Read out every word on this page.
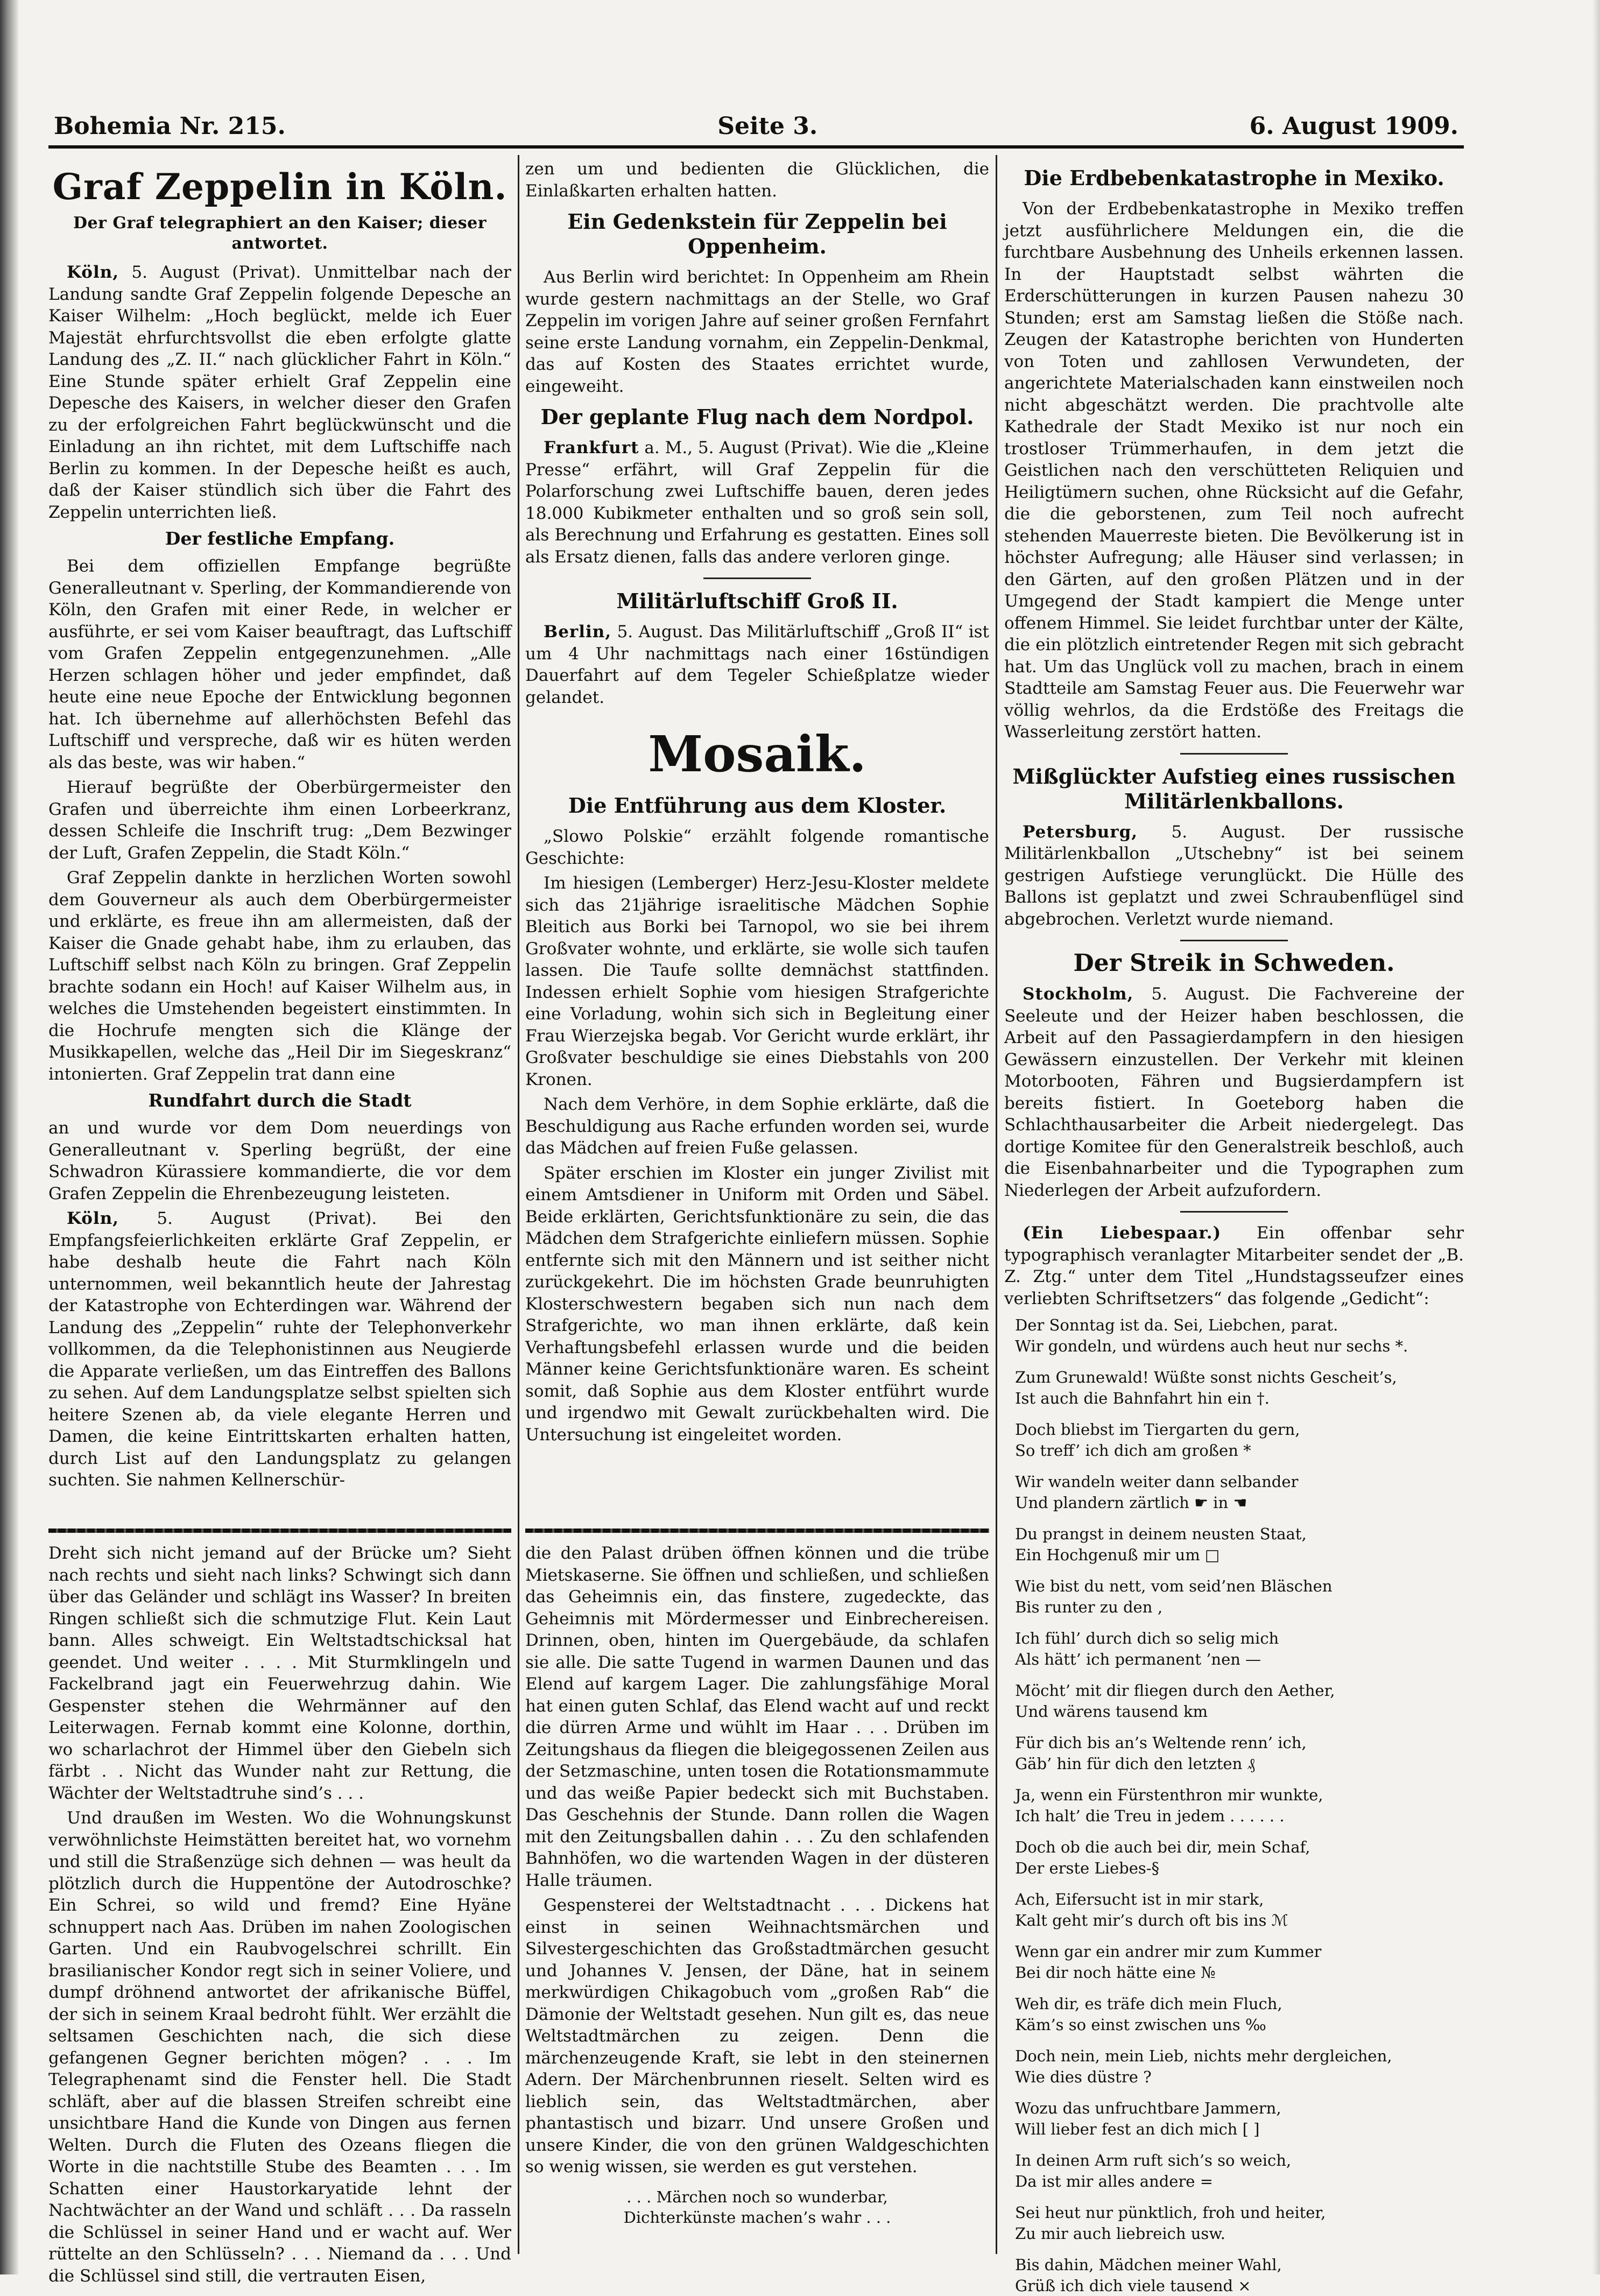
Bohemia Nr. 215.	Seite 3.	6. August 1909.
Graf Zeppelin in Köln.
Der Graf telegraphiert an den Kaiser; dieser antwortet.

Köln, 5. August (Privat). Unmittelbar nach der Landung sandte Graf Zeppelin folgende Depesche an Kaiser Wilhelm: „Hoch beglückt, melde ich Euer Majestät ehrfurchtsvollst die eben erfolgte glatte Landung des „Z. II.“ nach glücklicher Fahrt in Köln.“ Eine Stunde später erhielt Graf Zeppelin eine Depesche des Kaisers, in welcher dieser den Grafen zu der erfolgreichen Fahrt beglückwünscht und die Einladung an ihn richtet, mit dem Luftschiffe nach Berlin zu kommen. In der Depesche heißt es auch, daß der Kaiser stündlich sich über die Fahrt des Zeppelin unterrichten ließ.

Der festliche Empfang.

Bei dem offiziellen Empfange begrüßte Generalleutnant v. Sperling, der Kommandierende von Köln, den Grafen mit einer Rede, in welcher er ausführte, er sei vom Kaiser beauftragt, das Luftschiff vom Grafen Zeppelin entgegenzunehmen. „Alle Herzen schlagen höher und jeder empfindet, daß heute eine neue Epoche der Entwicklung begonnen hat. Ich übernehme auf allerhöchsten Befehl das Luftschiff und verspreche, daß wir es hüten werden als das beste, was wir haben.“

Hierauf begrüßte der Oberbürgermeister den Grafen und überreichte ihm einen Lorbeerkranz, dessen Schleife die Inschrift trug: „Dem Bezwinger der Luft, Grafen Zeppelin, die Stadt Köln.“

Graf Zeppelin dankte in herzlichen Worten sowohl dem Gouverneur als auch dem Oberbürgermeister und erklärte, es freue ihn am allermeisten, daß der Kaiser die Gnade gehabt habe, ihm zu erlauben, das Luftschiff selbst nach Köln zu bringen. Graf Zeppelin brachte sodann ein Hoch! auf Kaiser Wilhelm aus, in welches die Umstehenden begeistert einstimmten. In die Hochrufe mengten sich die Klänge der Musikkapellen, welche das „Heil Dir im Siegeskranz“ intonierten. Graf Zeppelin trat dann eine

Rundfahrt durch die Stadt

an und wurde vor dem Dom neuerdings von Generalleutnant v. Sperling begrüßt, der eine Schwadron Kürassiere kommandierte, die vor dem Grafen Zeppelin die Ehrenbezeugung leisteten.

Köln, 5. August (Privat). Bei den Empfangsfeierlichkeiten erklärte Graf Zeppelin, er habe deshalb heute die Fahrt nach Köln unternommen, weil bekanntlich heute der Jahrestag der Katastrophe von Echterdingen war. Während der Landung des „Zeppelin“ ruhte der Telephonverkehr vollkommen, da die Telephonistinnen aus Neugierde die Apparate verließen, um das Eintreffen des Ballons zu sehen. Auf dem Landungsplatze selbst spielten sich heitere Szenen ab, da viele elegante Herren und Damen, die keine Eintrittskarten erhalten hatten, durch List auf den Landungsplatz zu gelangen suchten. Sie nahmen Kellnerschür-

zen um und bedienten die Glücklichen, die Einlaßkarten erhalten hatten.

Ein Gedenkstein für Zeppelin bei Oppenheim.

Aus Berlin wird berichtet: In Oppenheim am Rhein wurde gestern nachmittags an der Stelle, wo Graf Zeppelin im vorigen Jahre auf seiner großen Fernfahrt seine erste Landung vornahm, ein Zeppelin-Denkmal, das auf Kosten des Staates errichtet wurde, eingeweiht.

Der geplante Flug nach dem Nordpol.

Frankfurt a. M., 5. August (Privat). Wie die „Kleine Presse“ erfährt, will Graf Zeppelin für die Polarforschung zwei Luftschiffe bauen, deren jedes 18.000 Kubikmeter enthalten und so groß sein soll, als Berechnung und Erfahrung es gestatten. Eines soll als Ersatz dienen, falls das andere verloren ginge.

Militärluftschiff Groß II.

Berlin, 5. August. Das Militärluftschiff „Groß II“ ist um 4 Uhr nachmittags nach einer 16stündigen Dauerfahrt auf dem Tegeler Schießplatze wieder gelandet.

Mosaik.
Die Entführung aus dem Kloster.

„Slowo Polskie“ erzählt folgende romantische Geschichte:

Im hiesigen (Lemberger) Herz-Jesu-Kloster meldete sich das 21jährige israelitische Mädchen Sophie Bleitich aus Borki bei Tarnopol, wo sie bei ihrem Großvater wohnte, und erklärte, sie wolle sich taufen lassen. Die Taufe sollte demnächst stattfinden. Indessen erhielt Sophie vom hiesigen Strafgerichte eine Vorladung, wohin sich sich in Begleitung einer Frau Wierzejska begab. Vor Gericht wurde erklärt, ihr Großvater beschuldige sie eines Diebstahls von 200 Kronen.

Nach dem Verhöre, in dem Sophie erklärte, daß die Beschuldigung aus Rache erfunden worden sei, wurde das Mädchen auf freien Fuße gelassen.

Später erschien im Kloster ein junger Zivilist mit einem Amtsdiener in Uniform mit Orden und Säbel. Beide erklärten, Gerichtsfunktionäre zu sein, die das Mädchen dem Strafgerichte einliefern müssen. Sophie entfernte sich mit den Männern und ist seither nicht zurückgekehrt. Die im höchsten Grade beunruhigten Klosterschwestern begaben sich nun nach dem Strafgerichte, wo man ihnen erklärte, daß kein Verhaftungsbefehl erlassen wurde und die beiden Männer keine Gerichtsfunktionäre waren. Es scheint somit, daß Sophie aus dem Kloster entführt wurde und irgendwo mit Gewalt zurückbehalten wird. Die Untersuchung ist eingeleitet worden.

Dreht sich nicht jemand auf der Brücke um? Sieht nach rechts und sieht nach links? Schwingt sich dann über das Geländer und schlägt ins Wasser? In breiten Ringen schließt sich die schmutzige Flut. Kein Laut bann. Alles schweigt. Ein Weltstadtschicksal hat geendet. Und weiter . . . . Mit Sturmklingeln und Fackelbrand jagt ein Feuerwehrzug dahin. Wie Gespenster stehen die Wehrmänner auf den Leiterwagen. Fernab kommt eine Kolonne, dorthin, wo scharlachrot der Himmel über den Giebeln sich färbt . . Nicht das Wunder naht zur Rettung, die Wächter der Weltstadtruhe sind’s . . .

Und draußen im Westen. Wo die Wohnungskunst verwöhnlichste Heimstätten bereitet hat, wo vornehm und still die Straßenzüge sich dehnen — was heult da plötzlich durch die Huppentöne der Autodroschke? Ein Schrei, so wild und fremd? Eine Hyäne schnuppert nach Aas. Drüben im nahen Zoologischen Garten. Und ein Raubvogelschrei schrillt. Ein brasilianischer Kondor regt sich in seiner Voliere, und dumpf dröhnend antwortet der afrikanische Büffel, der sich in seinem Kraal bedroht fühlt. Wer erzählt die seltsamen Geschichten nach, die sich diese gefangenen Gegner berichten mögen? . . . Im Telegraphenamt sind die Fenster hell. Die Stadt schläft, aber auf die blassen Streifen schreibt eine unsichtbare Hand die Kunde von Dingen aus fernen Welten. Durch die Fluten des Ozeans fliegen die Worte in die nachtstille Stube des Beamten . . . Im Schatten einer Haustorkaryatide lehnt der Nachtwächter an der Wand und schläft . . . Da rasseln die Schlüssel in seiner Hand und er wacht auf. Wer rüttelte an den Schlüsseln? . . . Niemand da . . . Und die Schlüssel sind still, die vertrauten Eisen,

die den Palast drüben öffnen können und die trübe Mietskaserne. Sie öffnen und schließen, und schließen das Geheimnis ein, das finstere, zugedeckte, das Geheimnis mit Mördermesser und Einbrechereisen. Drinnen, oben, hinten im Quergebäude, da schlafen sie alle. Die satte Tugend in warmen Daunen und das Elend auf kargem Lager. Die zahlungsfähige Moral hat einen guten Schlaf, das Elend wacht auf und reckt die dürren Arme und wühlt im Haar . . . Drüben im Zeitungshaus da fliegen die bleigegossenen Zeilen aus der Setzmaschine, unten tosen die Rotationsmammute und das weiße Papier bedeckt sich mit Buchstaben. Das Geschehnis der Stunde. Dann rollen die Wagen mit den Zeitungsballen dahin . . . Zu den schlafenden Bahnhöfen, wo die wartenden Wagen in der düsteren Halle träumen.

Gespensterei der Weltstadtnacht . . . Dickens hat einst in seinen Weihnachtsmärchen und Silvestergeschichten das Großstadtmärchen gesucht und Johannes V. Jensen, der Däne, hat in seinem merkwürdigen Chikagobuch vom „großen Rab“ die Dämonie der Weltstadt gesehen. Nun gilt es, das neue Weltstadtmärchen zu zeigen. Denn die märchenzeugende Kraft, sie lebt in den steinernen Adern. Der Märchenbrunnen rieselt. Selten wird es lieblich sein, das Weltstadtmärchen, aber phantastisch und bizarr. Und unsere Großen und unsere Kinder, die von den grünen Waldgeschichten so wenig wissen, sie werden es gut verstehen.

. . . Märchen noch so wunderbar,
Dichterkünste machen’s wahr . . .
Die Erdbebenkatastrophe in Mexiko.

Von der Erdbebenkatastrophe in Mexiko treffen jetzt ausführlichere Meldungen ein, die die furchtbare Ausbehnung des Unheils erkennen lassen. In der Hauptstadt selbst währten die Erderschütterungen in kurzen Pausen nahezu 30 Stunden; erst am Samstag ließen die Stöße nach. Zeugen der Katastrophe berichten von Hunderten von Toten und zahllosen Verwundeten, der angerichtete Materialschaden kann einstweilen noch nicht abgeschätzt werden. Die prachtvolle alte Kathedrale der Stadt Mexiko ist nur noch ein trostloser Trümmerhaufen, in dem jetzt die Geistlichen nach den verschütteten Reliquien und Heiligtümern suchen, ohne Rücksicht auf die Gefahr, die die geborstenen, zum Teil noch aufrecht stehenden Mauerreste bieten. Die Bevölkerung ist in höchster Aufregung; alle Häuser sind verlassen; in den Gärten, auf den großen Plätzen und in der Umgegend der Stadt kampiert die Menge unter offenem Himmel. Sie leidet furchtbar unter der Kälte, die ein plötzlich eintretender Regen mit sich gebracht hat. Um das Unglück voll zu machen, brach in einem Stadtteile am Samstag Feuer aus. Die Feuerwehr war völlig wehrlos, da die Erdstöße des Freitags die Wasserleitung zerstört hatten.

Mißglückter Aufstieg eines russischen Militärlenkballons.

Petersburg, 5. August. Der russische Militärlenkballon „Utschebny“ ist bei seinem gestrigen Aufstiege verunglückt. Die Hülle des Ballons ist geplatzt und zwei Schraubenflügel sind abgebrochen. Verletzt wurde niemand.

Der Streik in Schweden.

Stockholm, 5. August. Die Fachvereine der Seeleute und der Heizer haben beschlossen, die Arbeit auf den Passagierdampfern in den hiesigen Gewässern einzustellen. Der Verkehr mit kleinen Motorbooten, Fähren und Bugsierdampfern ist bereits fistiert. In Goeteborg haben die Schlachthausarbeiter die Arbeit niedergelegt. Das dortige Komitee für den Generalstreik beschloß, auch die Eisenbahnarbeiter und die Typographen zum Niederlegen der Arbeit aufzufordern.

(Ein Liebespaar.) Ein offenbar sehr typographisch veranlagter Mitarbeiter sendet der „B. Z. Ztg.“ unter dem Titel „Hundstagsseufzer eines verliebten Schriftsetzers“ das folgende „Gedicht“:

Der Sonntag ist da. Sei, Liebchen, parat.
Wir gondeln, und würdens auch heut nur sechs *.
Zum Grunewald! Wüßte sonst nichts Gescheit’s,
Ist auch die Bahnfahrt hin ein †.
Doch bliebst im Tiergarten du gern,
So treff’ ich dich am großen *
Wir wandeln weiter dann selbander
Und plandern zärtlich ☛ in ☚
Du prangst in deinem neusten Staat,
Ein Hochgenuß mir um □
Wie bist du nett, vom seid’nen Bläschen
Bis runter zu den ‚
Ich fühl’ durch dich so selig mich
Als hätt’ ich permanent ’nen —
Möcht’ mit dir fliegen durch den Aether,
Und wärens tausend km
Für dich bis an’s Weltende renn’ ich,
Gäb’ hin für dich den letzten ₰
Ja, wenn ein Fürstenthron mir wunkte,
Ich halt’ die Treu in jedem . . . . . .
Doch ob die auch bei dir, mein Schaf,
Der erste Liebes-§
Ach, Eifersucht ist in mir stark,
Kalt geht mir’s durch oft bis ins ℳ
Wenn gar ein andrer mir zum Kummer
Bei dir noch hätte eine №
Weh dir, es träfe dich mein Fluch,
Käm’s so einst zwischen uns ‰
Doch nein, mein Lieb, nichts mehr dergleichen,
Wie dies düstre ?
Wozu das unfruchtbare Jammern,
Will lieber fest an dich mich [ ]
In deinen Arm ruft sich’s so weich,
Da ist mir alles andere =
Sei heut nur pünktlich, froh und heiter,
Zu mir auch liebreich usw.
Bis dahin, Mädchen meiner Wahl,
Grüß ich dich viele tausend ×
